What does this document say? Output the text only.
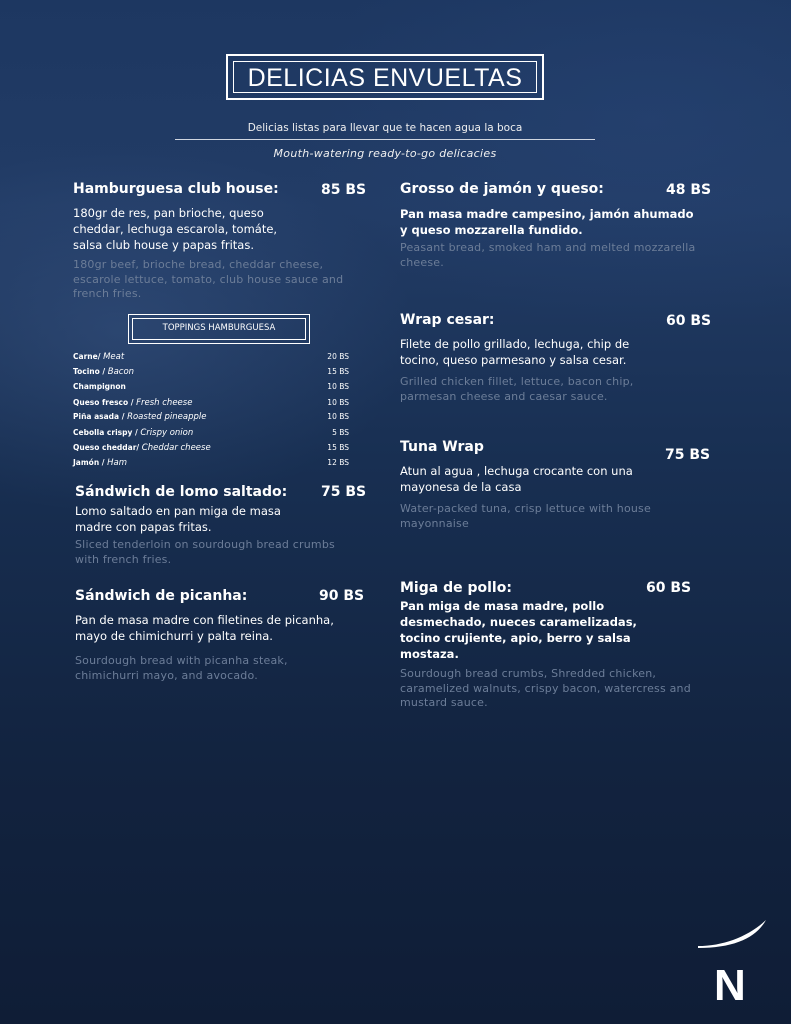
DELICIAS ENVUELTAS
Delicias listas para llevar que te hacen agua la boca
Mouth-watering ready-to-go delicacies
Hamburguesa club house:	85 BS
180gr de res, pan brioche, queso cheddar, lechuga escarola, tomáte, salsa club house y papas fritas.
180gr beef, brioche bread, cheddar cheese, escarole lettuce, tomato, club house sauce and french fries.
TOPPINGS HAMBURGUESA
Carne/ Meat	20 BS
Tocino / Bacon	15 BS
Champignon	10 BS
Queso fresco / Fresh cheese	10 BS
Piña asada / Roasted pineapple	10 BS
Cebolla crispy / Crispy onion	5 BS
Queso cheddar/ Cheddar cheese	15 BS
Jamón / Ham	12 BS
Sándwich de lomo saltado: 75 BS
Lomo saltado en pan miga de masa madre con papas fritas.
Sliced tenderloin on sourdough bread crumbs with french fries.
Sándwich de picanha:	90 BS
Pan de masa madre con filetines de picanha, mayo de chimichurri y palta reina.
Sourdough bread with picanha steak, chimichurri mayo, and avocado.
Grosso de jamón y queso:	48 BS
Pan masa madre campesino, jamón ahumado y queso mozzarella fundido.
Peasant bread, smoked ham and melted mozzarella cheese.
Wrap cesar:	60 BS
Filete de pollo grillado, lechuga, chip de tocino, queso parmesano y salsa cesar.
Grilled chicken fillet, lettuce, bacon chip, parmesan cheese and caesar sauce.
Tuna Wrap	75 BS
Atun al agua , lechuga crocante con una mayonesa de la casa
Water-packed tuna, crisp lettuce with house mayonnaise
Miga de pollo:	60 BS
Pan miga de masa madre, pollo desmechado, nueces caramelizadas, tocino crujiente, apio, berro y salsa mostaza.
Sourdough bread crumbs, Shredded chicken, caramelized walnuts, crispy bacon, watercress and mustard sauce.
N
